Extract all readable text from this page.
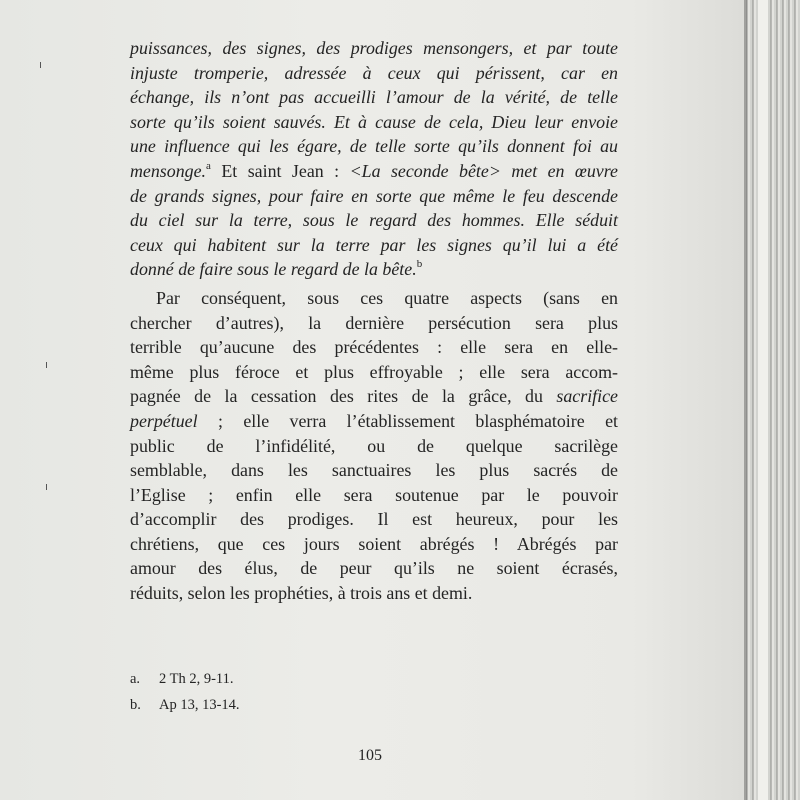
puissances, des signes, des prodiges mensongers, et par toute
injuste tromperie, adressée à ceux qui périssent, car en
échange, ils n’ont pas accueilli l’amour de la vérité, de telle
sorte qu’ils soient sauvés. Et à cause de cela, Dieu leur envoie
une influence qui les égare, de telle sorte qu’ils donnent foi au
mensonge.$^a$ Et saint Jean : <La seconde bête> met en œuvre
de grands signes, pour faire en sorte que même le feu descende
du ciel sur la terre, sous le regard des hommes. Elle séduit
ceux qui habitent sur la terre par les signes qu’il lui a été
donné de faire sous le regard de la bête.$^b$
Par conséquent, sous ces quatre aspects (sans en
chercher d’autres), la dernière persécution sera plus
terrible qu’aucune des précédentes : elle sera en elle-
même plus féroce et plus effroyable ; elle sera accom-
pagnée de la cessation des rites de la grâce, du sacrifice
perpétuel ; elle verra l’établissement blasphématoire et
public de l’infidélité, ou de quelque sacrilège
semblable, dans les sanctuaires les plus sacrés de
l’Eglise ; enfin elle sera soutenue par le pouvoir
d’accomplir des prodiges. Il est heureux, pour les
chrétiens, que ces jours soient abrégés ! Abrégés par
amour des élus, de peur qu’ils ne soient écrasés,
réduits, selon les prophéties, à trois ans et demi.
a. 2 Th 2, 9-11.
b. Ap 13, 13-14.
105
